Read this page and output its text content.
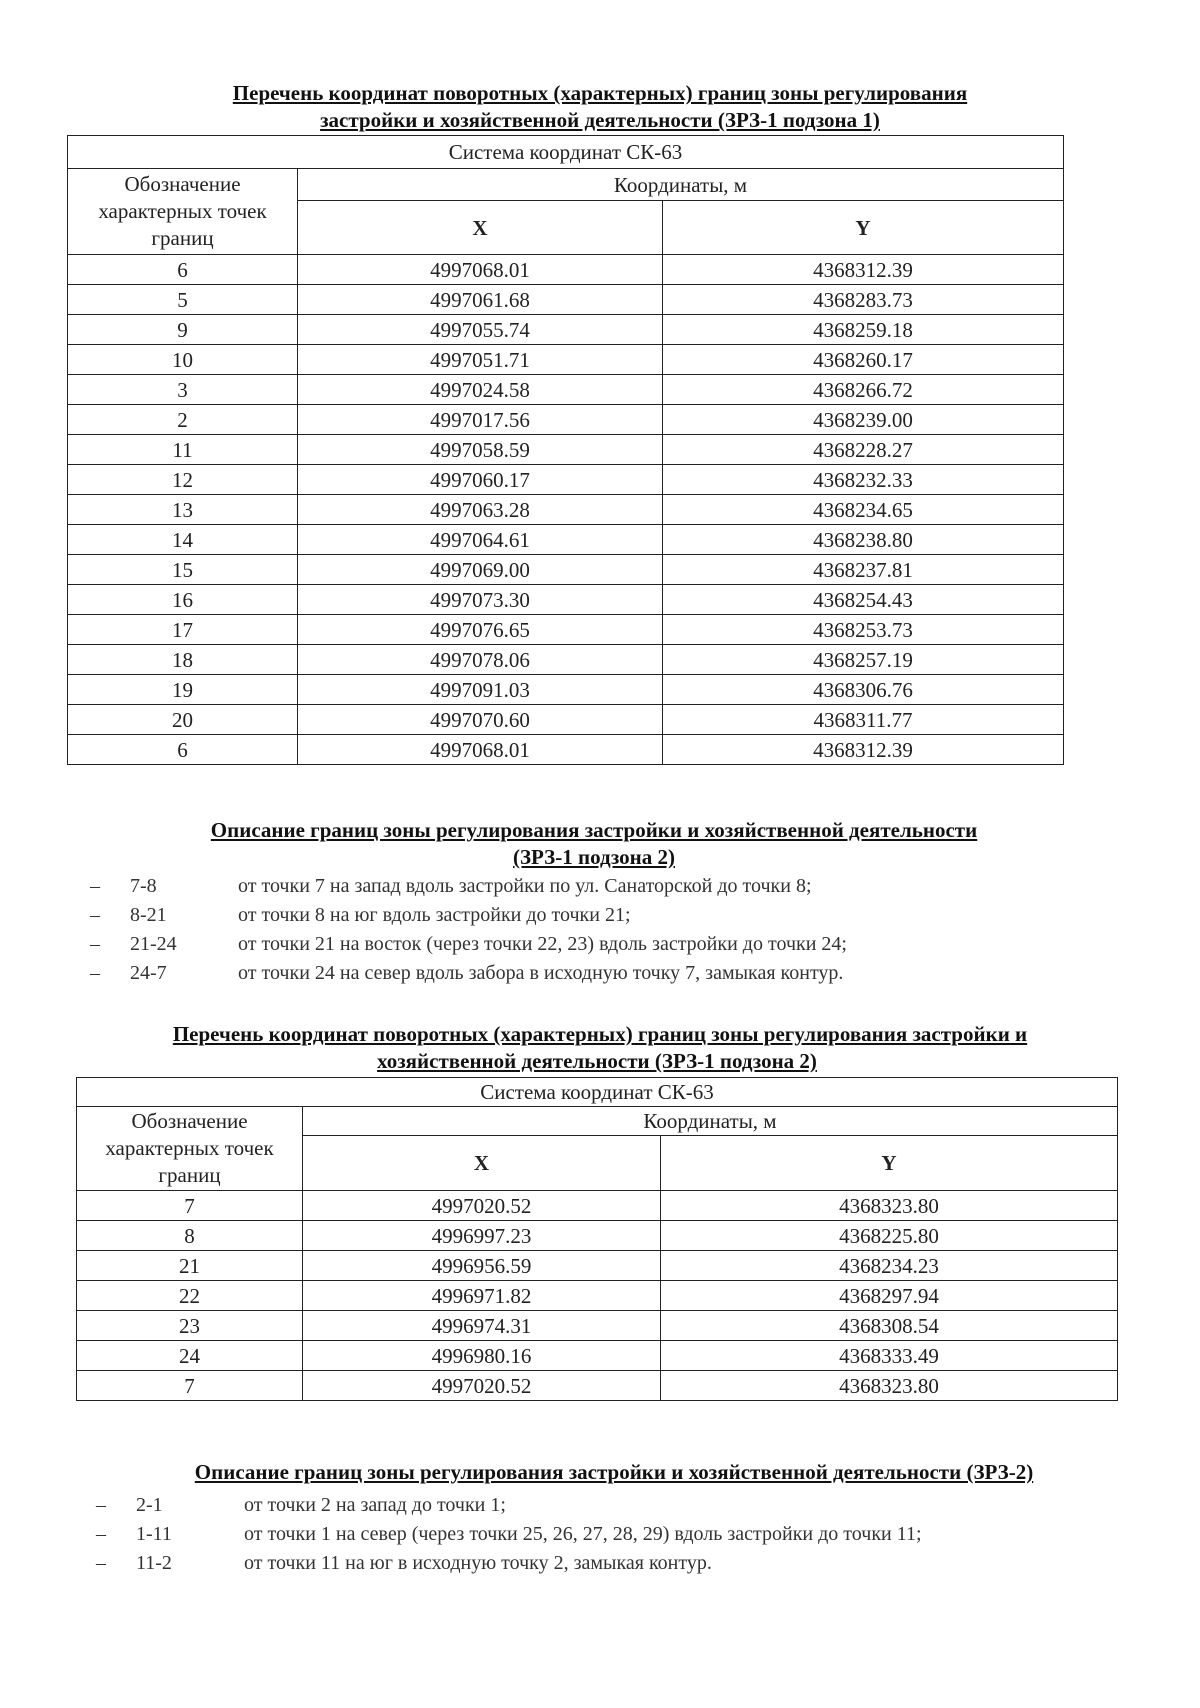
Перечень координат поворотных (характерных) границ зоны регулирования
застройки и хозяйственной деятельности (ЗРЗ-1 подзона 1)
Система координат СК-63		
Обозначение характерных точек границ	Координаты, м	
	X	Y
6	4997068.01	4368312.39
5	4997061.68	4368283.73
9	4997055.74	4368259.18
10	4997051.71	4368260.17
3	4997024.58	4368266.72
2	4997017.56	4368239.00
11	4997058.59	4368228.27
12	4997060.17	4368232.33
13	4997063.28	4368234.65
14	4997064.61	4368238.80
15	4997069.00	4368237.81
16	4997073.30	4368254.43
17	4997076.65	4368253.73
18	4997078.06	4368257.19
19	4997091.03	4368306.76
20	4997070.60	4368311.77
6	4997068.01	4368312.39
Описание границ зоны регулирования застройки и хозяйственной деятельности
(ЗРЗ-1 подзона 2)
– 7-8	от точки 7 на запад вдоль застройки по ул. Санаторской до точки 8;
– 8-21	от точки 8 на юг вдоль застройки до точки 21;
– 21-24	от точки 21 на восток (через точки 22, 23) вдоль застройки до точки 24;
– 24-7	от точки 24 на север вдоль забора в исходную точку 7, замыкая контур.
Перечень координат поворотных (характерных) границ зоны регулирования застройки и
хозяйственной деятельности (ЗРЗ-1 подзона 2)
Система координат СК-63		
Обозначение характерных точек границ	Координаты, м	
	X	Y
7	4997020.52	4368323.80
8	4996997.23	4368225.80
21	4996956.59	4368234.23
22	4996971.82	4368297.94
23	4996974.31	4368308.54
24	4996980.16	4368333.49
7	4997020.52	4368323.80
Описание границ зоны регулирования застройки и хозяйственной деятельности (ЗРЗ-2)
– 2-1	от точки 2 на запад до точки 1;
– 1-11	от точки 1 на север (через точки 25, 26, 27, 28, 29) вдоль застройки до точки 11;
– 11-2	от точки 11 на юг в исходную точку 2, замыкая контур.
